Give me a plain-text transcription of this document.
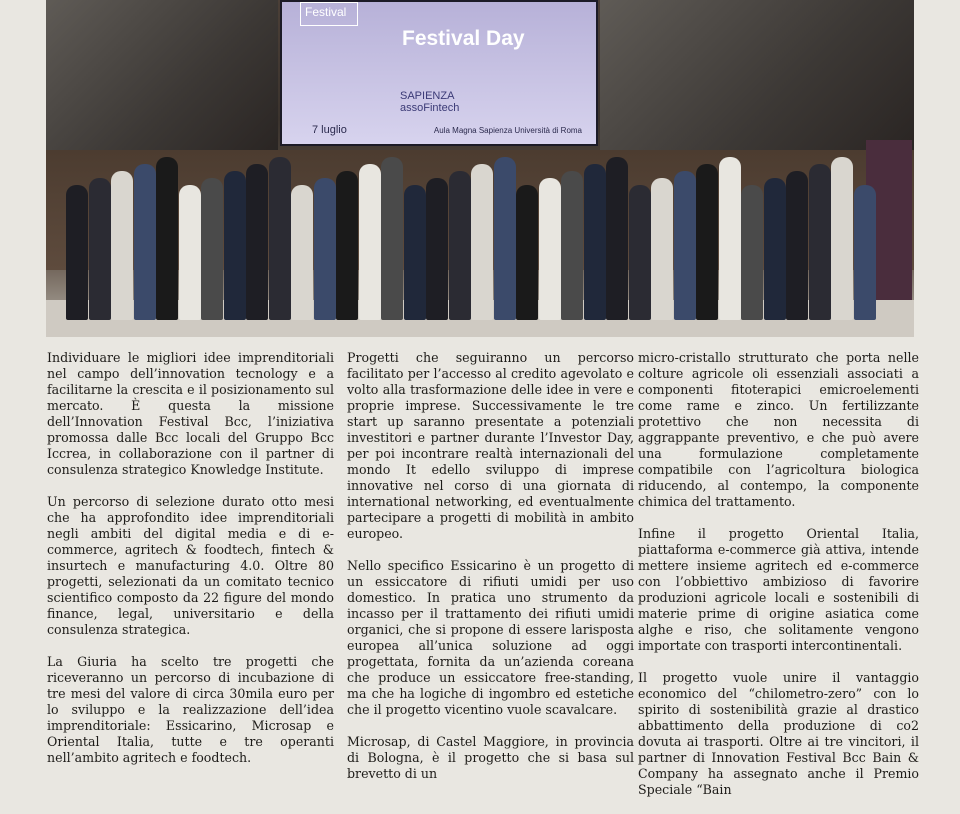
Festival
Festival Day
SAPIENZA assoFintech
7 luglio	Aula Magna Sapienza Università di Roma

Individuare le migliori idee imprenditoriali nel campo dell’innovation tecnology e a facilitarne la crescita e il posizionamento sul mercato. È questa la missione dell’Innovation Festival Bcc, l’iniziativa promossa dalle Bcc locali del Gruppo Bcc Iccrea, in collaborazione con il partner di consulenza strategico Knowledge Institute.

Un percorso di selezione durato otto mesi che ha approfondito idee imprenditoriali negli ambiti del digital media e di e-commerce, agritech & foodtech, fintech & insurtech e manufacturing 4.0. Oltre 80 progetti, selezionati da un comitato tecnico scientifico composto da 22 figure del mondo finance, legal, universitario e della consulenza strategica.

La Giuria ha scelto tre progetti che riceveranno un percorso di incubazione di tre mesi del valore di circa 30mila euro per lo sviluppo e la realizzazione dell’idea imprenditoriale: Essicarino, Microsap e Oriental Italia, tutte e tre operanti nell’ambito agritech e foodtech.

Progetti che seguiranno un percorso facilitato per l’accesso al credito agevolato e volto alla trasformazione delle idee in vere e proprie imprese. Successivamente le tre start up saranno presentate a potenziali investitori e partner durante l’Investor Day, per poi incontrare realtà internazionali del mondo It edello sviluppo di imprese innovative nel corso di una giornata di international networking, ed eventualmente partecipare a progetti di mobilità in ambito europeo.

Nello specifico Essicarino è un progetto di un essiccatore di rifiuti umidi per uso domestico. In pratica uno strumento da incasso per il trattamento dei rifiuti umidi organici, che si propone di essere larisposta europea all’unica soluzione ad oggi progettata, fornita da un’azienda coreana che produce un essiccatore free-standing, ma che ha logiche di ingombro ed estetiche che il progetto vicentino vuole scavalcare.

Microsap, di Castel Maggiore, in provincia di Bologna, è il progetto che si basa sul brevetto di un

micro-cristallo strutturato che porta nelle colture agricole oli essenziali associati a componenti fitoterapici emicroelementi come rame e zinco. Un fertilizzante protettivo che non necessita di aggrappante preventivo, e che può avere una formulazione completamente compatibile con l’agricoltura biologica riducendo, al contempo, la componente chimica del trattamento.

Infine il progetto Oriental Italia, piattaforma e-commerce già attiva, intende mettere insieme agritech ed e-commerce con l’obbiettivo ambizioso di favorire produzioni agricole locali e sostenibili di materie prime di origine asiatica come alghe e riso, che solitamente vengono importate con trasporti intercontinentali.

Il progetto vuole unire il vantaggio economico del “chilometro-zero” con lo spirito di sostenibilità grazie al drastico abbattimento della produzione di co2 dovuta ai trasporti. Oltre ai tre vincitori, il partner di Innovation Festival Bcc Bain & Company ha assegnato anche il Premio Speciale “Bain
